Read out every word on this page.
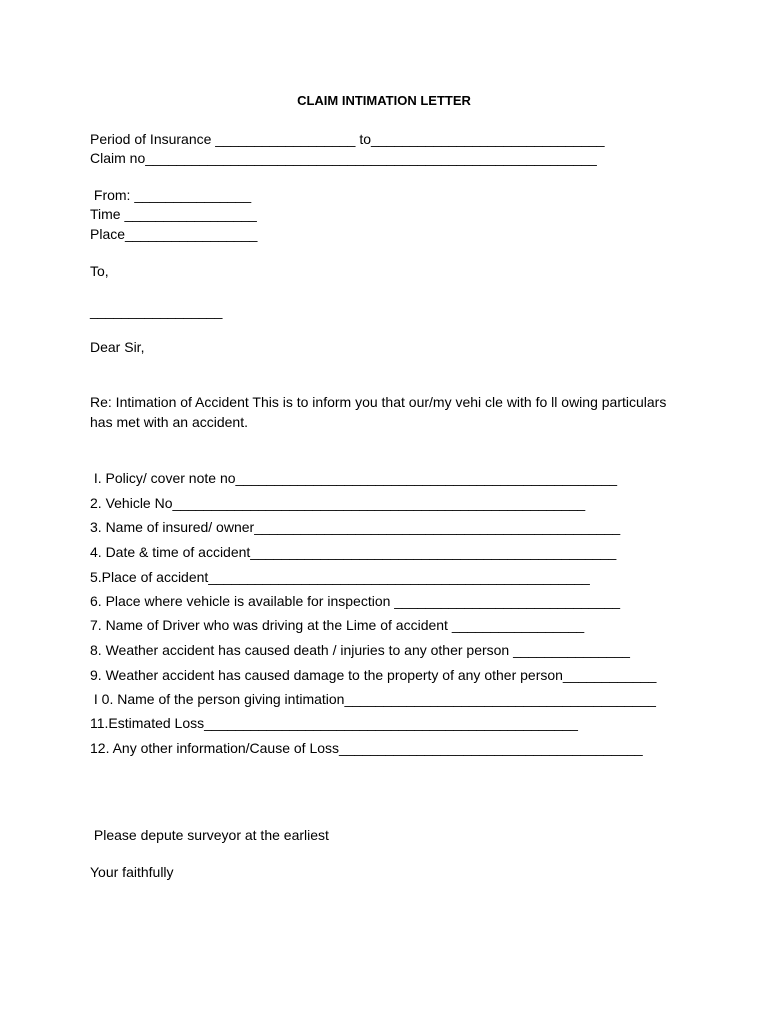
CLAIM INTIMATION LETTER

Period of Insurance __________________ to______________________________

Claim no__________________________________________________________

From: _______________

Time _________________

Place_________________

To,

_________________

Dear Sir,

Re: Intimation of Accident This is to inform you that our/my vehi cle with fo ll owing particulars has met with an accident.

I. Policy/ cover note no_________________________________________________

2. Vehicle No_____________________________________________________

3. Name of insured/ owner_______________________________________________

4. Date & time of accident_______________________________________________

5.Place of accident_________________________________________________

6. Place where vehicle is available for inspection _____________________________

7. Name of Driver who was driving at the Lime of accident _________________

8. Weather accident has caused death / injuries to any other person _______________

9. Weather accident has caused damage to the property of any other person____________

I 0. Name of the person giving intimation________________________________________

11.Estimated Loss________________________________________________

12. Any other information/Cause of Loss_______________________________________

Please depute surveyor at the earliest

Your faithfully
